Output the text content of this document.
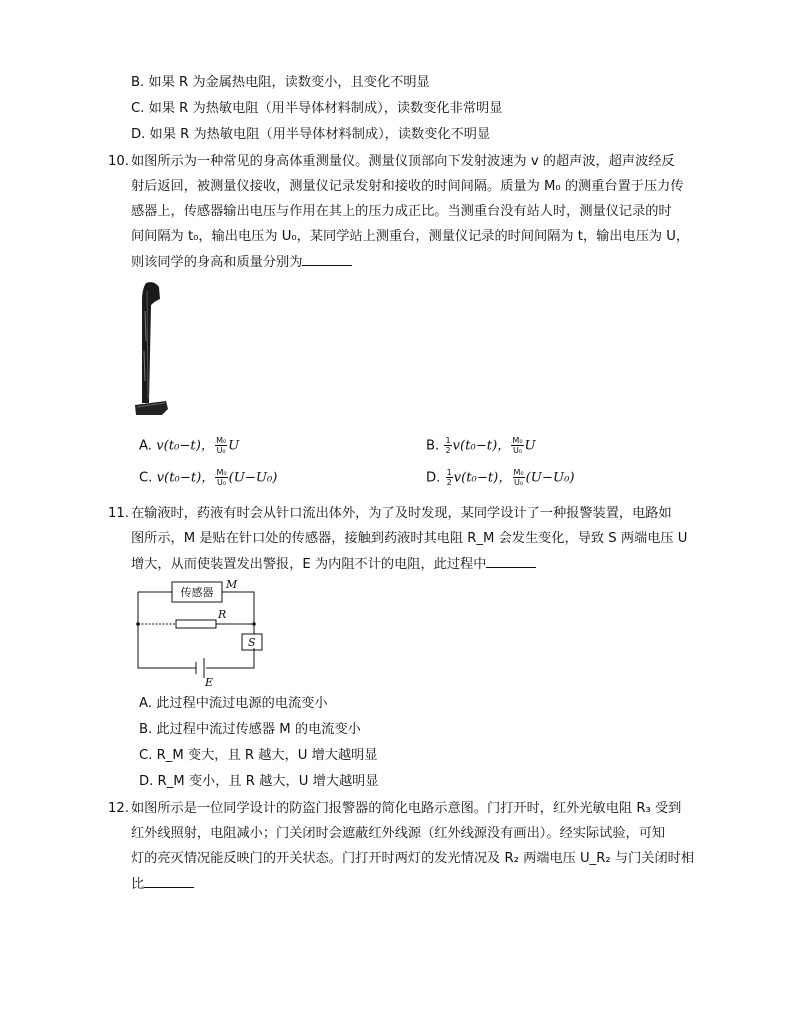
B. 如果 R 为金属热电阻，读数变小，且变化不明显
C. 如果 R 为热敏电阻（用半导体材料制成），读数变化非常明显
D. 如果 R 为热敏电阻（用半导体材料制成），读数变化不明显
10. 如图所示为一种常见的身高体重测量仪。测量仪顶部向下发射波速为 v 的超声波，超声波经反
射后返回，被测量仪接收，测量仪记录发射和接收的时间间隔。质量为 M₀ 的测重台置于压力传
感器上，传感器输出电压与作用在其上的压力成正比。当测重台没有站人时，测量仪记录的时
间间隔为 t₀，输出电压为 U₀，某同学站上测重台，测量仪记录的时间间隔为 t，输出电压为 U，
则该同学的身高和质量分别为
A. v(t₀−t)， $\frac{\text{M₀}}{\text{U₀}}$ U	B. $\frac{1}{2} v(t_0-t)$， $\frac{\text{M₀}}{\text{U₀}}$ U
C. v(t₀−t)， $\frac{\text{M₀}}{\text{U₀}} (U-U_0)$	D. $\frac{1}{2} v(t_0-t)$， $\frac{\text{M₀}}{\text{U₀}} (U-U_0)$
11. 在输液时，药液有时会从针口流出体外，为了及时发现，某同学设计了一种报警装置，电路如
图所示，M 是贴在针口处的传感器，接触到药液时其电阻 R_M 会发生变化，导致 S 两端电压 U
增大，从而使装置发出警报，E 为内阻不计的电阻，此过程中
传感器
M
R
S
E
A. 此过程中流过电源的电流变小
B. 此过程中流过传感器 M 的电流变小
C. R_M 变大，且 R 越大，U 增大越明显
D. R_M 变小，且 R 越大，U 增大越明显
12. 如图所示是一位同学设计的防盗门报警器的简化电路示意图。门打开时，红外光敏电阻 R₃ 受到
红外线照射，电阻减小；门关闭时会遮蔽红外线源（红外线源没有画出）。经实际试验，可知
灯的亮灭情况能反映门的开关状态。门打开时两灯的发光情况及 R₂ 两端电压 U_R₂ 与门关闭时相
比
